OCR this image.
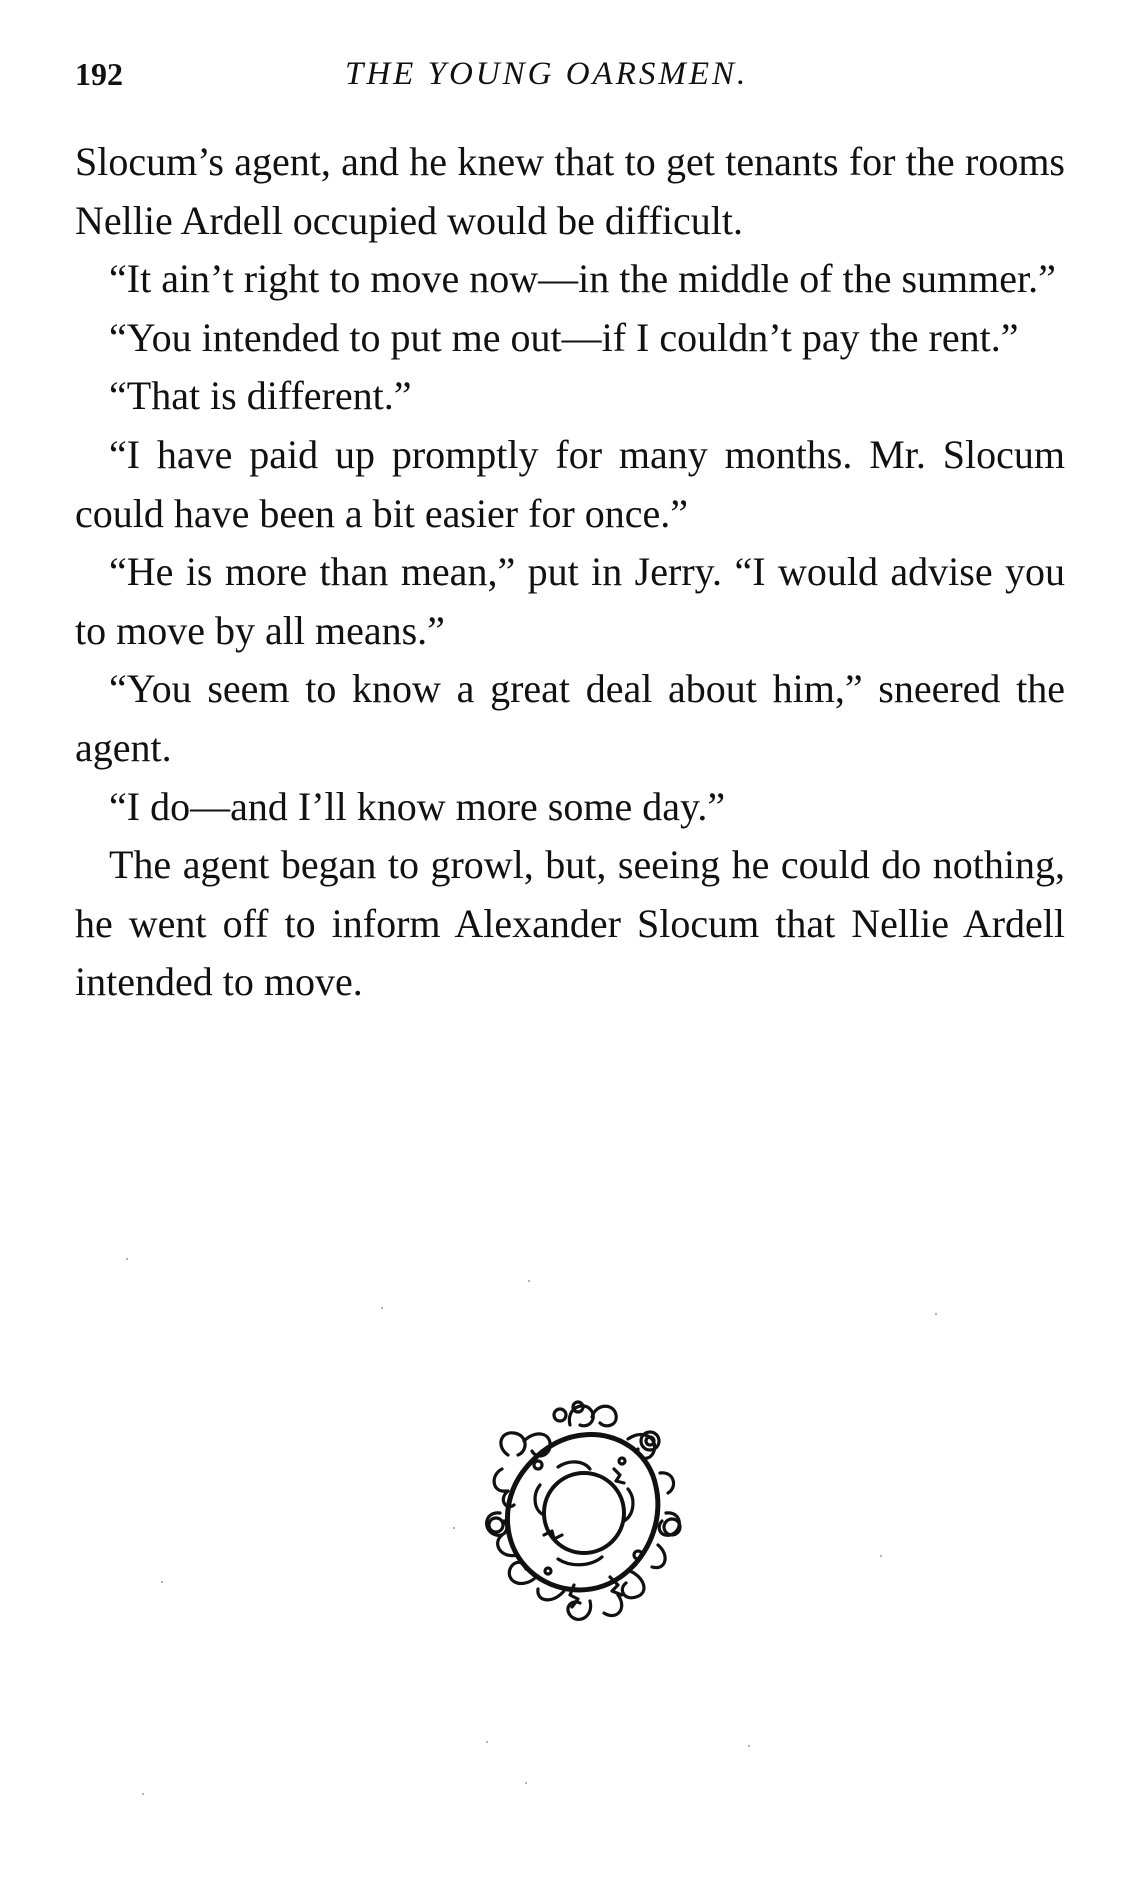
192	THE YOUNG OARSMEN.

Slocum’s agent, and he knew that to get tenants for the rooms Nellie Ardell occupied would be difficult.

“It ain’t right to move now—in the middle of the summer.”

“You intended to put me out—if I couldn’t pay the rent.”

“That is different.”

“I have paid up promptly for many months. Mr. Slocum could have been a bit easier for once.”

“He is more than mean,” put in Jerry. “I would advise you to move by all means.”

“You seem to know a great deal about him,” sneered the agent.

“I do—and I’ll know more some day.”

The agent began to growl, but, seeing he could do nothing, he went off to inform Alexander Slocum that Nellie Ardell intended to move.
